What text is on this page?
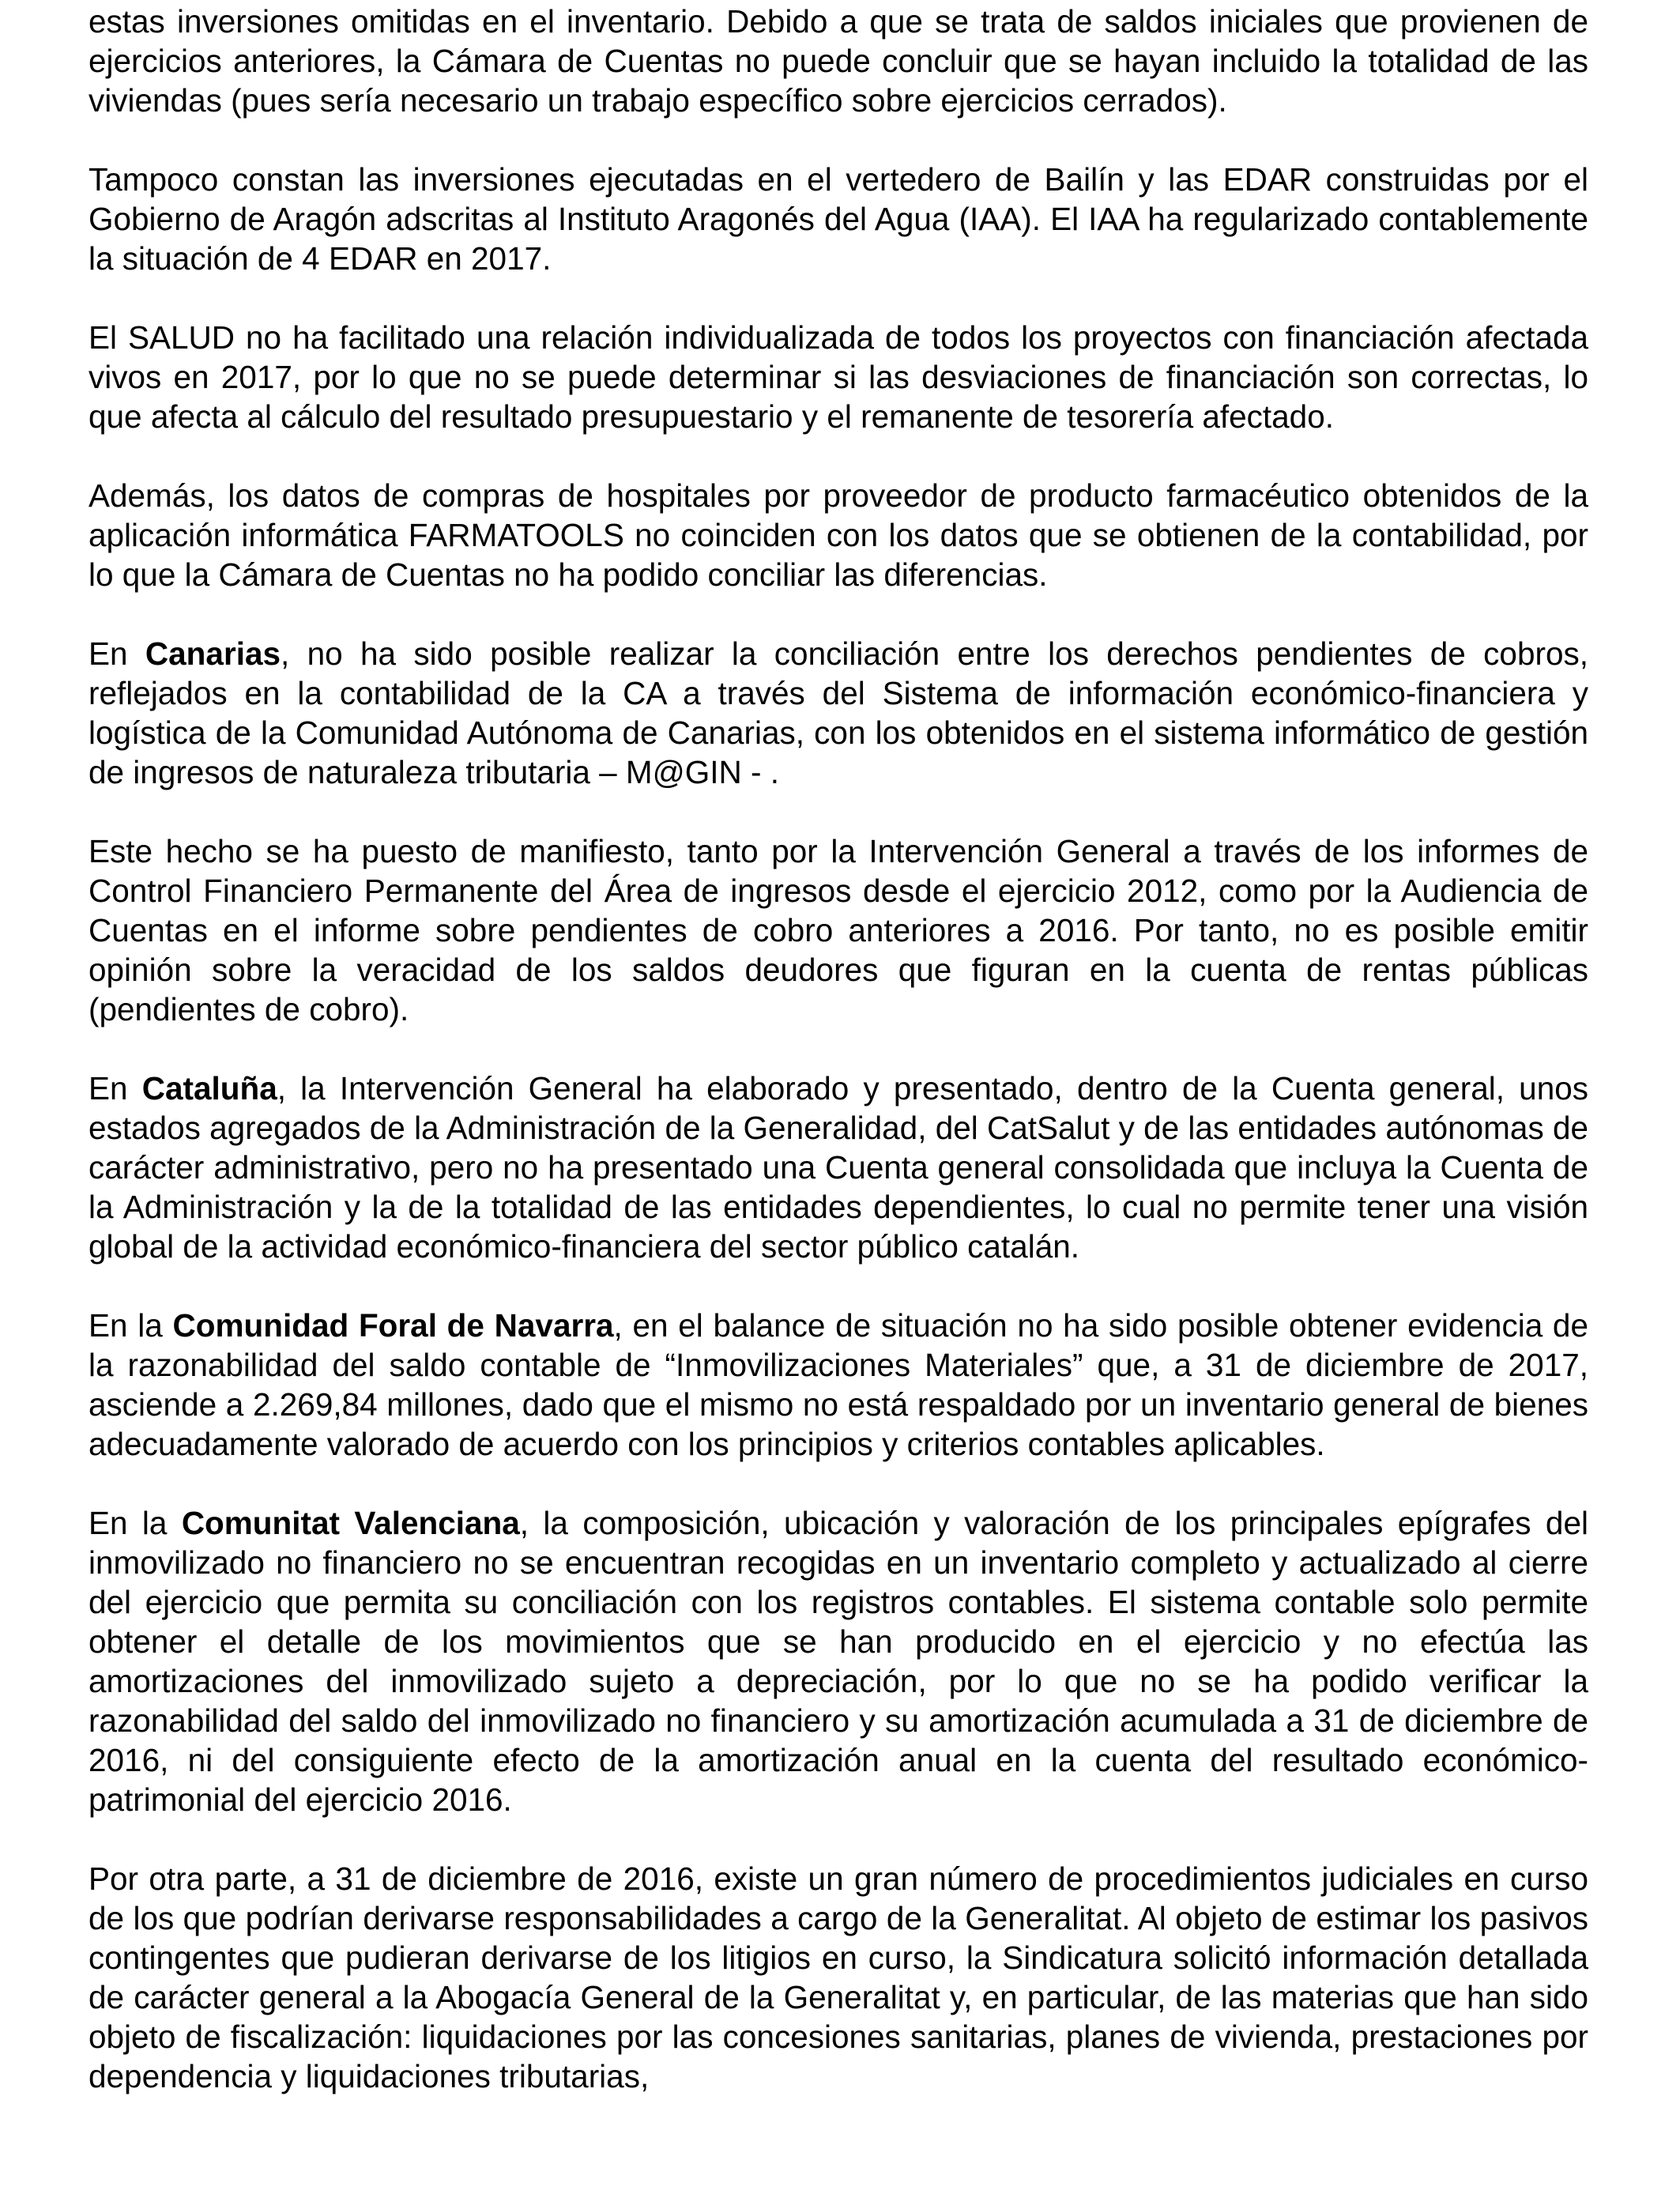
estas inversiones omitidas en el inventario. Debido a que se trata de saldos iniciales que provienen de ejercicios anteriores, la Cámara de Cuentas no puede concluir que se hayan incluido la totalidad de las viviendas (pues sería necesario un trabajo específico sobre ejercicios cerrados).

Tampoco constan las inversiones ejecutadas en el vertedero de Bailín y las EDAR construidas por el Gobierno de Aragón adscritas al Instituto Aragonés del Agua (IAA). El IAA ha regularizado contablemente la situación de 4 EDAR en 2017.

El SALUD no ha facilitado una relación individualizada de todos los proyectos con financiación afectada vivos en 2017, por lo que no se puede determinar si las desviaciones de financiación son correctas, lo que afecta al cálculo del resultado presupuestario y el remanente de tesorería afectado.

Además, los datos de compras de hospitales por proveedor de producto farmacéutico obtenidos de la aplicación informática FARMATOOLS no coinciden con los datos que se obtienen de la contabilidad, por lo que la Cámara de Cuentas no ha podido conciliar las diferencias.

En Canarias, no ha sido posible realizar la conciliación entre los derechos pendientes de cobros, reflejados en la contabilidad de la CA a través del Sistema de información económico-financiera y logística de la Comunidad Autónoma de Canarias, con los obtenidos en el sistema informático de gestión de ingresos de naturaleza tributaria – M@GIN - .

Este hecho se ha puesto de manifiesto, tanto por la Intervención General a través de los informes de Control Financiero Permanente del Área de ingresos desde el ejercicio 2012, como por la Audiencia de Cuentas en el informe sobre pendientes de cobro anteriores a 2016. Por tanto, no es posible emitir opinión sobre la veracidad de los saldos deudores que figuran en la cuenta de rentas públicas (pendientes de cobro).

En Cataluña, la Intervención General ha elaborado y presentado, dentro de la Cuenta general, unos estados agregados de la Administración de la Generalidad, del CatSalut y de las entidades autónomas de carácter administrativo, pero no ha presentado una Cuenta general consolidada que incluya la Cuenta de la Administración y la de la totalidad de las entidades dependientes, lo cual no permite tener una visión global de la actividad económico-financiera del sector público catalán.

En la Comunidad Foral de Navarra, en el balance de situación no ha sido posible obtener evidencia de la razonabilidad del saldo contable de “Inmovilizaciones Materiales” que, a 31 de diciembre de 2017, asciende a 2.269,84 millones, dado que el mismo no está respaldado por un inventario general de bienes adecuadamente valorado de acuerdo con los principios y criterios contables aplicables.

En la Comunitat Valenciana, la composición, ubicación y valoración de los principales epígrafes del inmovilizado no financiero no se encuentran recogidas en un inventario completo y actualizado al cierre del ejercicio que permita su conciliación con los registros contables. El sistema contable solo permite obtener el detalle de los movimientos que se han producido en el ejercicio y no efectúa las amortizaciones del inmovilizado sujeto a depreciación, por lo que no se ha podido verificar la razonabilidad del saldo del inmovilizado no financiero y su amortización acumulada a 31 de diciembre de 2016, ni del consiguiente efecto de la amortización anual en la cuenta del resultado económico-patrimonial del ejercicio 2016.

Por otra parte, a 31 de diciembre de 2016, existe un gran número de procedimientos judiciales en curso de los que podrían derivarse responsabilidades a cargo de la Generalitat. Al objeto de estimar los pasivos contingentes que pudieran derivarse de los litigios en curso, la Sindicatura solicitó información detallada de carácter general a la Abogacía General de la Generalitat y, en particular, de las materias que han sido objeto de fiscalización: liquidaciones por las concesiones sanitarias, planes de vivienda, prestaciones por dependencia y liquidaciones tributarias,
